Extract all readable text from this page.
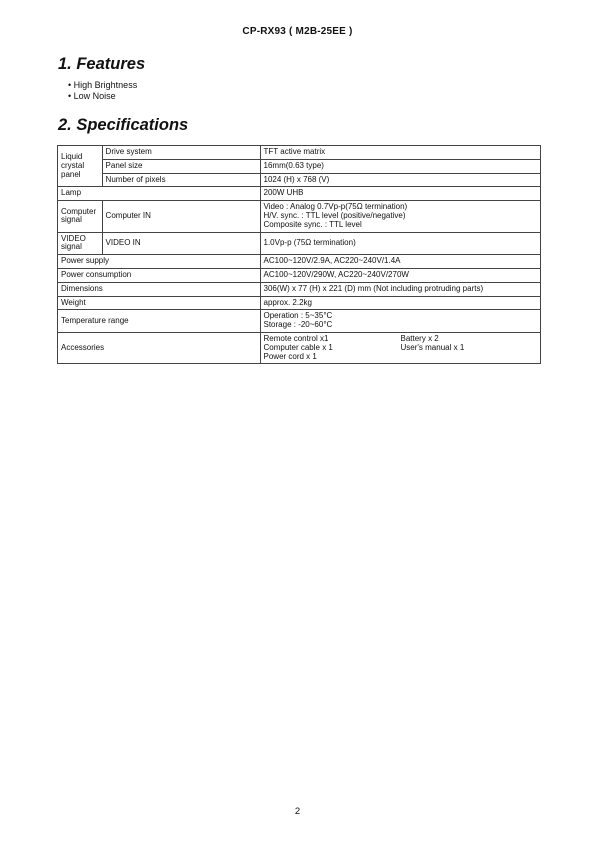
CP-RX93 ( M2B-25EE )
1. Features
• High Brightness
• Low Noise
2. Specifications
Liquid crystal panel	Drive system	TFT active matrix
	Panel size	16mm(0.63 type)
	Number of pixels	1024 (H) x 768 (V)
Lamp		200W UHB
Computer signal	Computer IN	Video : Analog 0.7Vp-p(75Ω termination)
H/V. sync. : TTL level (positive/negative)
Composite sync. : TTL level

VIDEO signal	VIDEO IN	1.0Vp-p (75Ω termination)
Power supply		AC100~120V/2.9A, AC220~240V/1.4A
Power consumption		AC100~120V/290W, AC220~240V/270W
Dimensions		306(W) x 77 (H) x 221 (D) mm (Not including protruding parts)
Weight		approx. 2.2kg
Temperature range		Operation : 5~35°C
Storage : -20~60°C

Accessories		Remote control x1 Battery x 2
Computer cable x 1 User's manual x 1
Power cord x 1
2
